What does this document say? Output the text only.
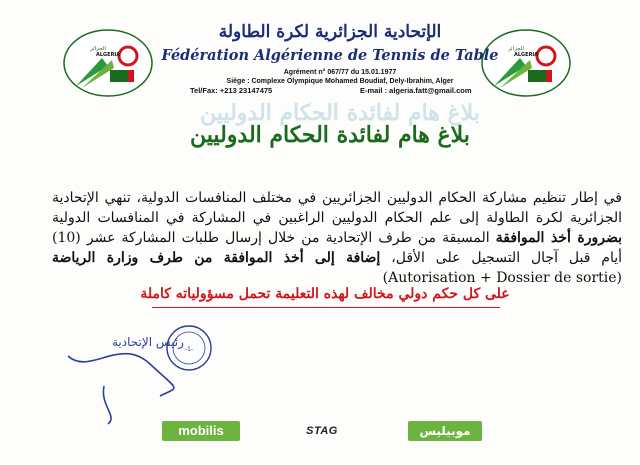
الجزائر
ALGERIA
الجزائر
ALGERIA
الإتحادية الجزائرية لكرة الطاولة
Fédération Algérienne de Tennis de Table
Agrément n° 067/77 du 15.01.1977
Siège : Complexe Olympique Mohamed Boudiaf, Dely-Ibrahim, Alger
Tel/Fax: +213 23147475	E-mail : algeria.fatt@gmail.com
بلاغ هام لفائدة الحكام الدوليين
بلاغ هام لفائدة الحكام الدوليين
في إطار تنظيم مشاركة الحكام الدوليين الجزائريين في مختلف المنافسات الدولية، تنهي الإتحادية الجزائرية لكرة الطاولة إلى علم الحكام الدوليين الراغبين في المشاركة في المنافسات الدولية بضرورة أخذ الموافقة المسبقة من طرف الإتحادية من خلال إرسال طلبات المشاركة عشر (10) أيام قبل آجال التسجيل على الأقل، إضافة إلى أخذ الموافقة من طرف وزارة الرياضة (Autorisation + Dossier de sortie)
على كل حكم دولي مخالف لهذه التعليمة تحمل مسؤولياته كاملة
-1-
رئيس الإتحادية
mobilis	STAG	موبيليس
